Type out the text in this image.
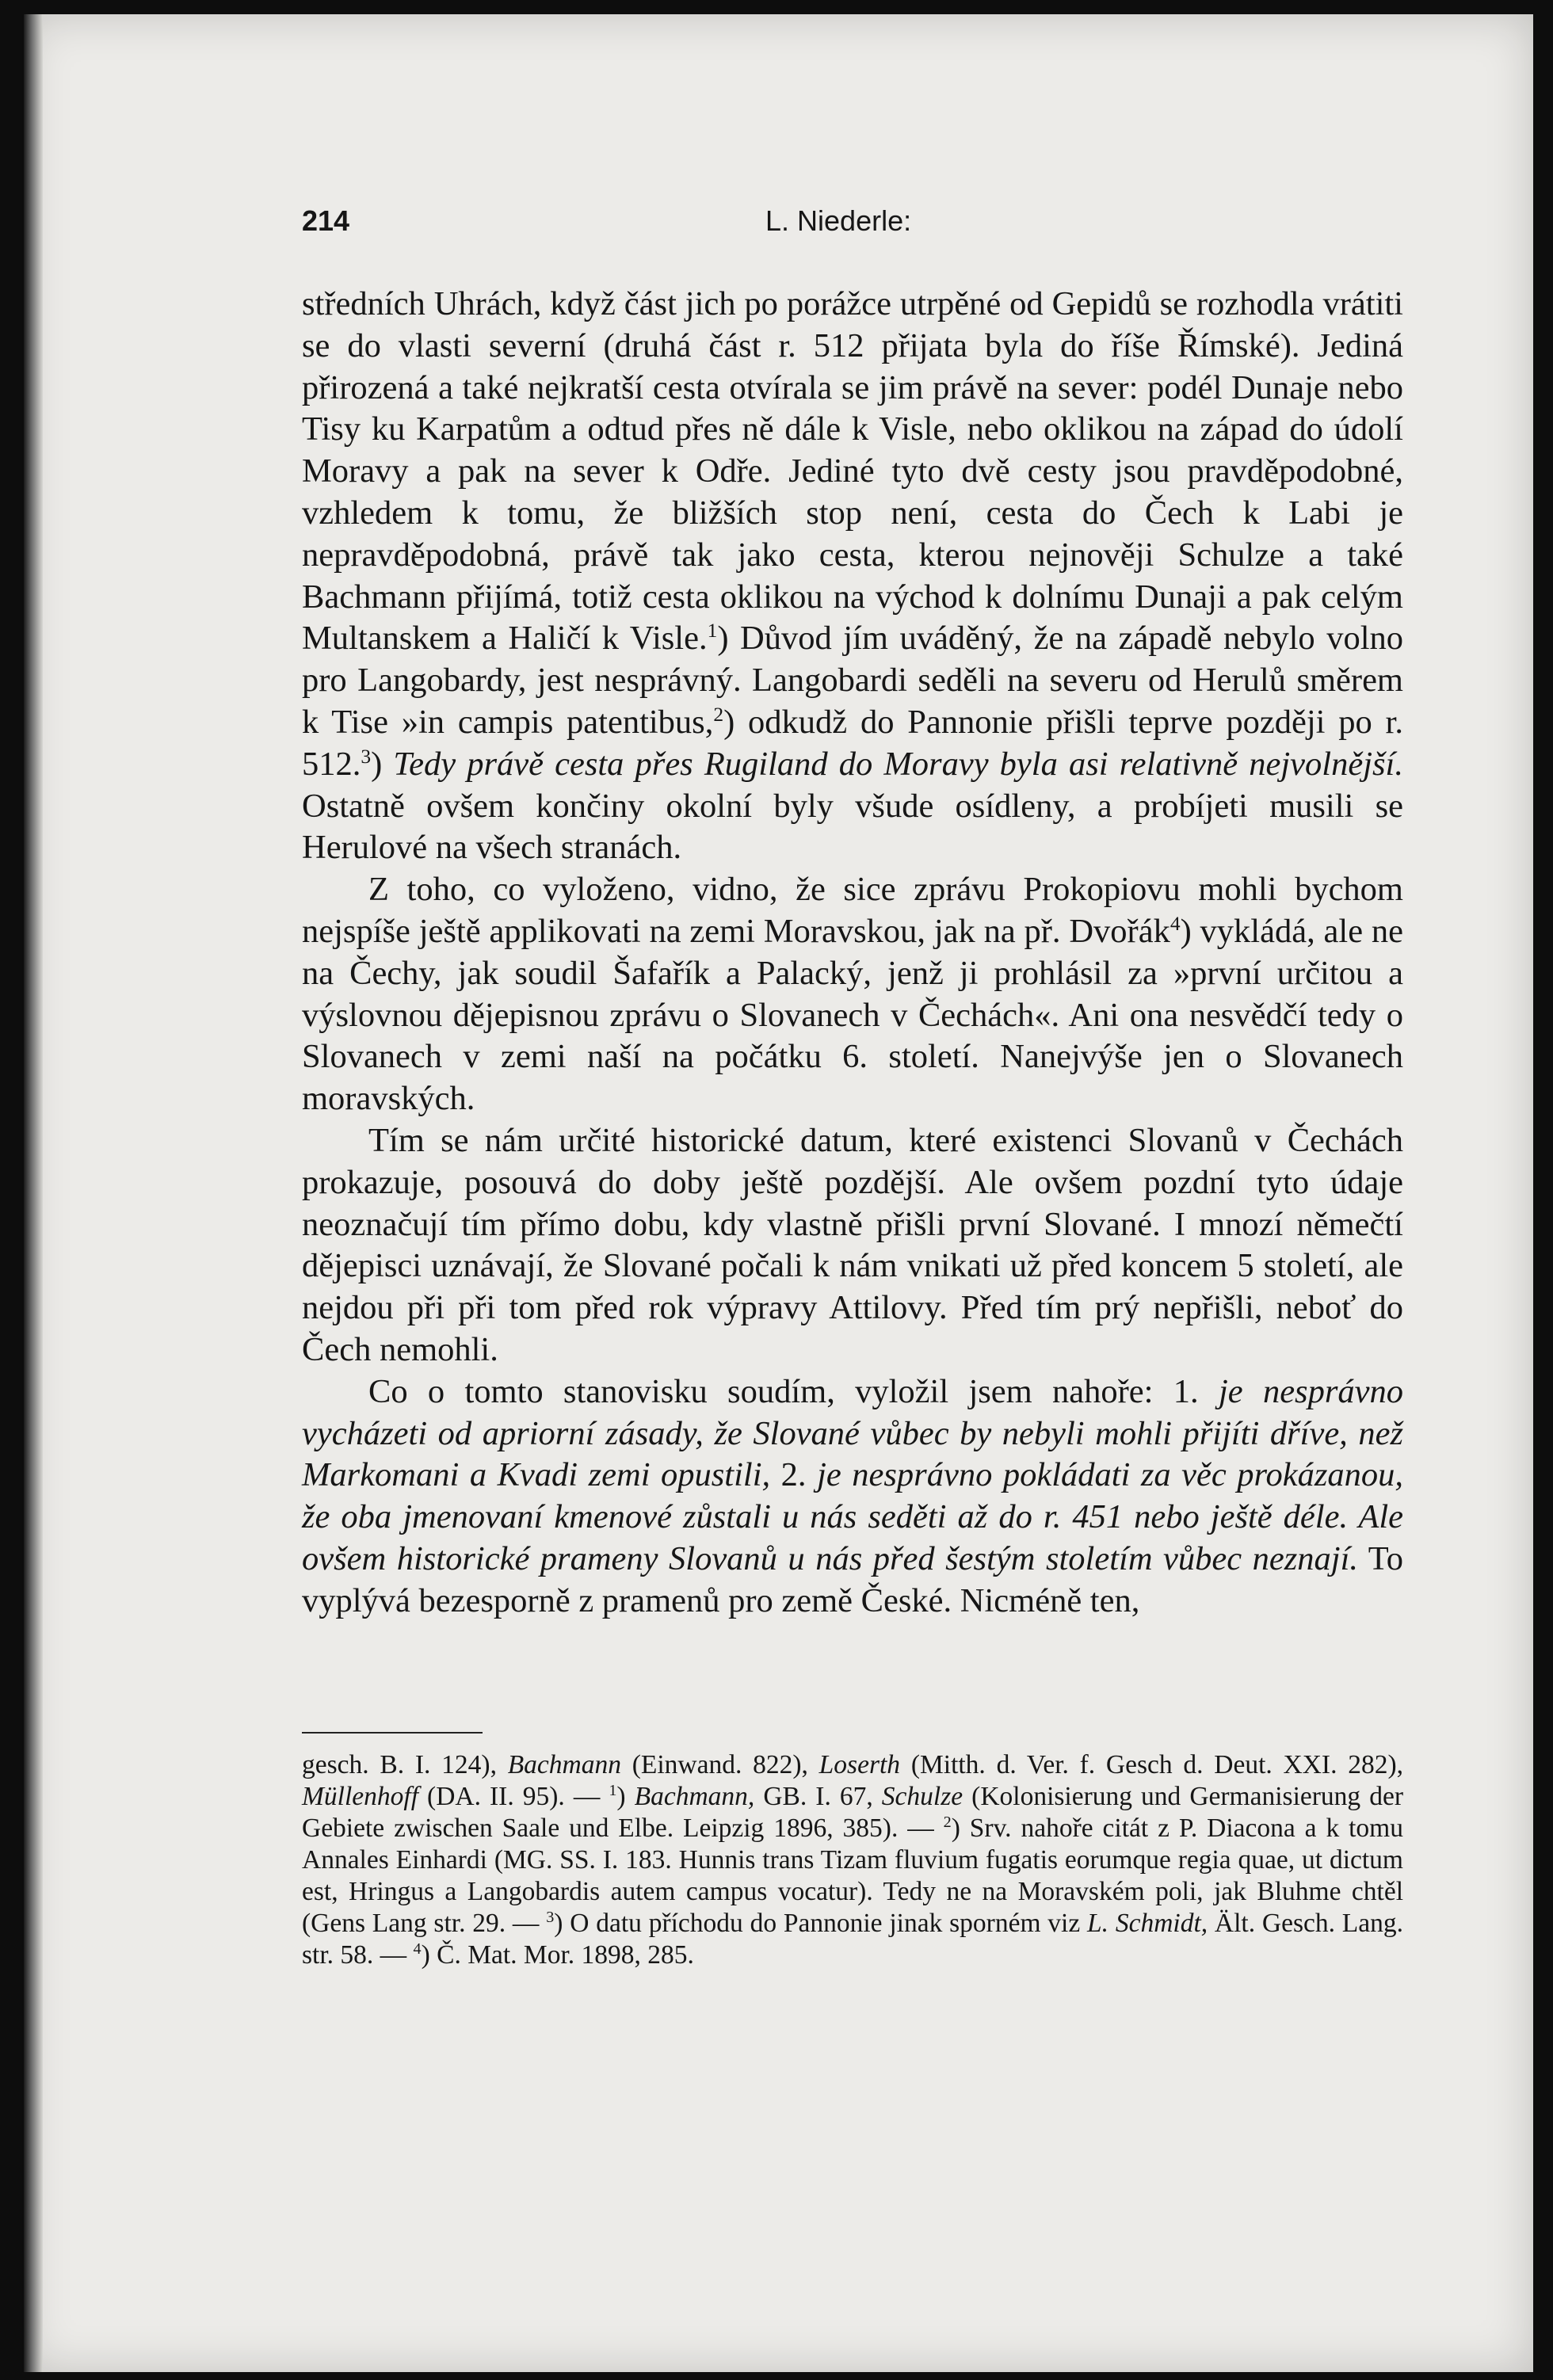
214	L. Niederle:

středních Uhrách, když část jich po porážce utrpěné od Gepidů se rozhodla vrátiti se do vlasti severní (druhá část r. 512 přijata byla do říše Římské). Jediná přirozená a také nejkratší cesta otvírala se jim právě na sever: podél Dunaje nebo Tisy ku Karpatům a odtud přes ně dále k Visle, nebo oklikou na západ do údolí Moravy a pak na sever k Odře. Jediné tyto dvě cesty jsou pravděpodobné, vzhledem k tomu, že bližších stop není, cesta do Čech k Labi je nepravděpodobná, právě tak jako cesta, kterou nejnověji Schulze a také Bachmann přijímá, totiž cesta oklikou na východ k dolnímu Dunaji a pak celým Multanskem a Haličí k Visle.$^1$) Důvod jím uváděný, že na západě nebylo volno pro Langobardy, jest nesprávný. Langobardi seděli na severu od Herulů směrem k Tise »in campis patentibus,$^2$) odkudž do Pannonie přišli teprve později po r. 512.$^3$) Tedy právě cesta přes Rugiland do Moravy byla asi relativně nejvolnější. Ostatně ovšem končiny okolní byly všude osídleny, a probíjeti musili se Herulové na všech stranách.

Z toho, co vyloženo, vidno, že sice zprávu Prokopiovu mohli bychom nejspíše ještě applikovati na zemi Moravskou, jak na př. Dvořák$^4$) vykládá, ale ne na Čechy, jak soudil Šafařík a Palacký, jenž ji prohlásil za »první určitou a výslovnou dějepisnou zprávu o Slovanech v Čechách«. Ani ona nesvědčí tedy o Slovanech v zemi naší na počátku 6. století. Nanejvýše jen o Slovanech moravských.

Tím se nám určité historické datum, které existenci Slovanů v Čechách prokazuje, posouvá do doby ještě pozdější. Ale ovšem pozdní tyto údaje neoznačují tím přímo dobu, kdy vlastně přišli první Slované. I mnozí němečtí dějepisci uznávají, že Slované počali k nám vnikati už před koncem 5 století, ale nejdou při při tom před rok výpravy Attilovy. Před tím prý nepřišli, neboť do Čech nemohli.

Co o tomto stanovisku soudím, vyložil jsem nahoře: 1. je nesprávno vycházeti od apriorní zásady, že Slované vůbec by nebyli mohli přijíti dříve, než Markomani a Kvadi zemi opustili, 2. je nesprávno pokládati za věc prokázanou, že oba jmenovaní kmenové zůstali u nás seděti až do r. 451 nebo ještě déle. Ale ovšem historické prameny Slovanů u nás před šestým stoletím vůbec neznají. To vyplývá bezesporně z pramenů pro země České. Nicméně ten,

gesch. B. I. 124), Bachmann (Einwand. 822), Loserth (Mitth. d. Ver. f. Gesch d. Deut. XXI. 282), Müllenhoff (DA. II. 95). — $^1$) Bachmann, GB. I. 67, Schulze (Kolonisierung und Germanisierung der Gebiete zwischen Saale und Elbe. Leipzig 1896, 385). — $^2$) Srv. nahoře citát z P. Diacona a k tomu Annales Einhardi (MG. SS. I. 183. Hunnis trans Tizam fluvium fugatis eorumque regia quae, ut dictum est, Hringus a Langobardis autem campus vocatur). Tedy ne na Moravském poli, jak Bluhme chtěl (Gens Lang str. 29. — $^3$) O datu příchodu do Pannonie jinak sporném viz L. Schmidt, Ält. Gesch. Lang. str. 58. — $^4$) Č. Mat. Mor. 1898, 285.
